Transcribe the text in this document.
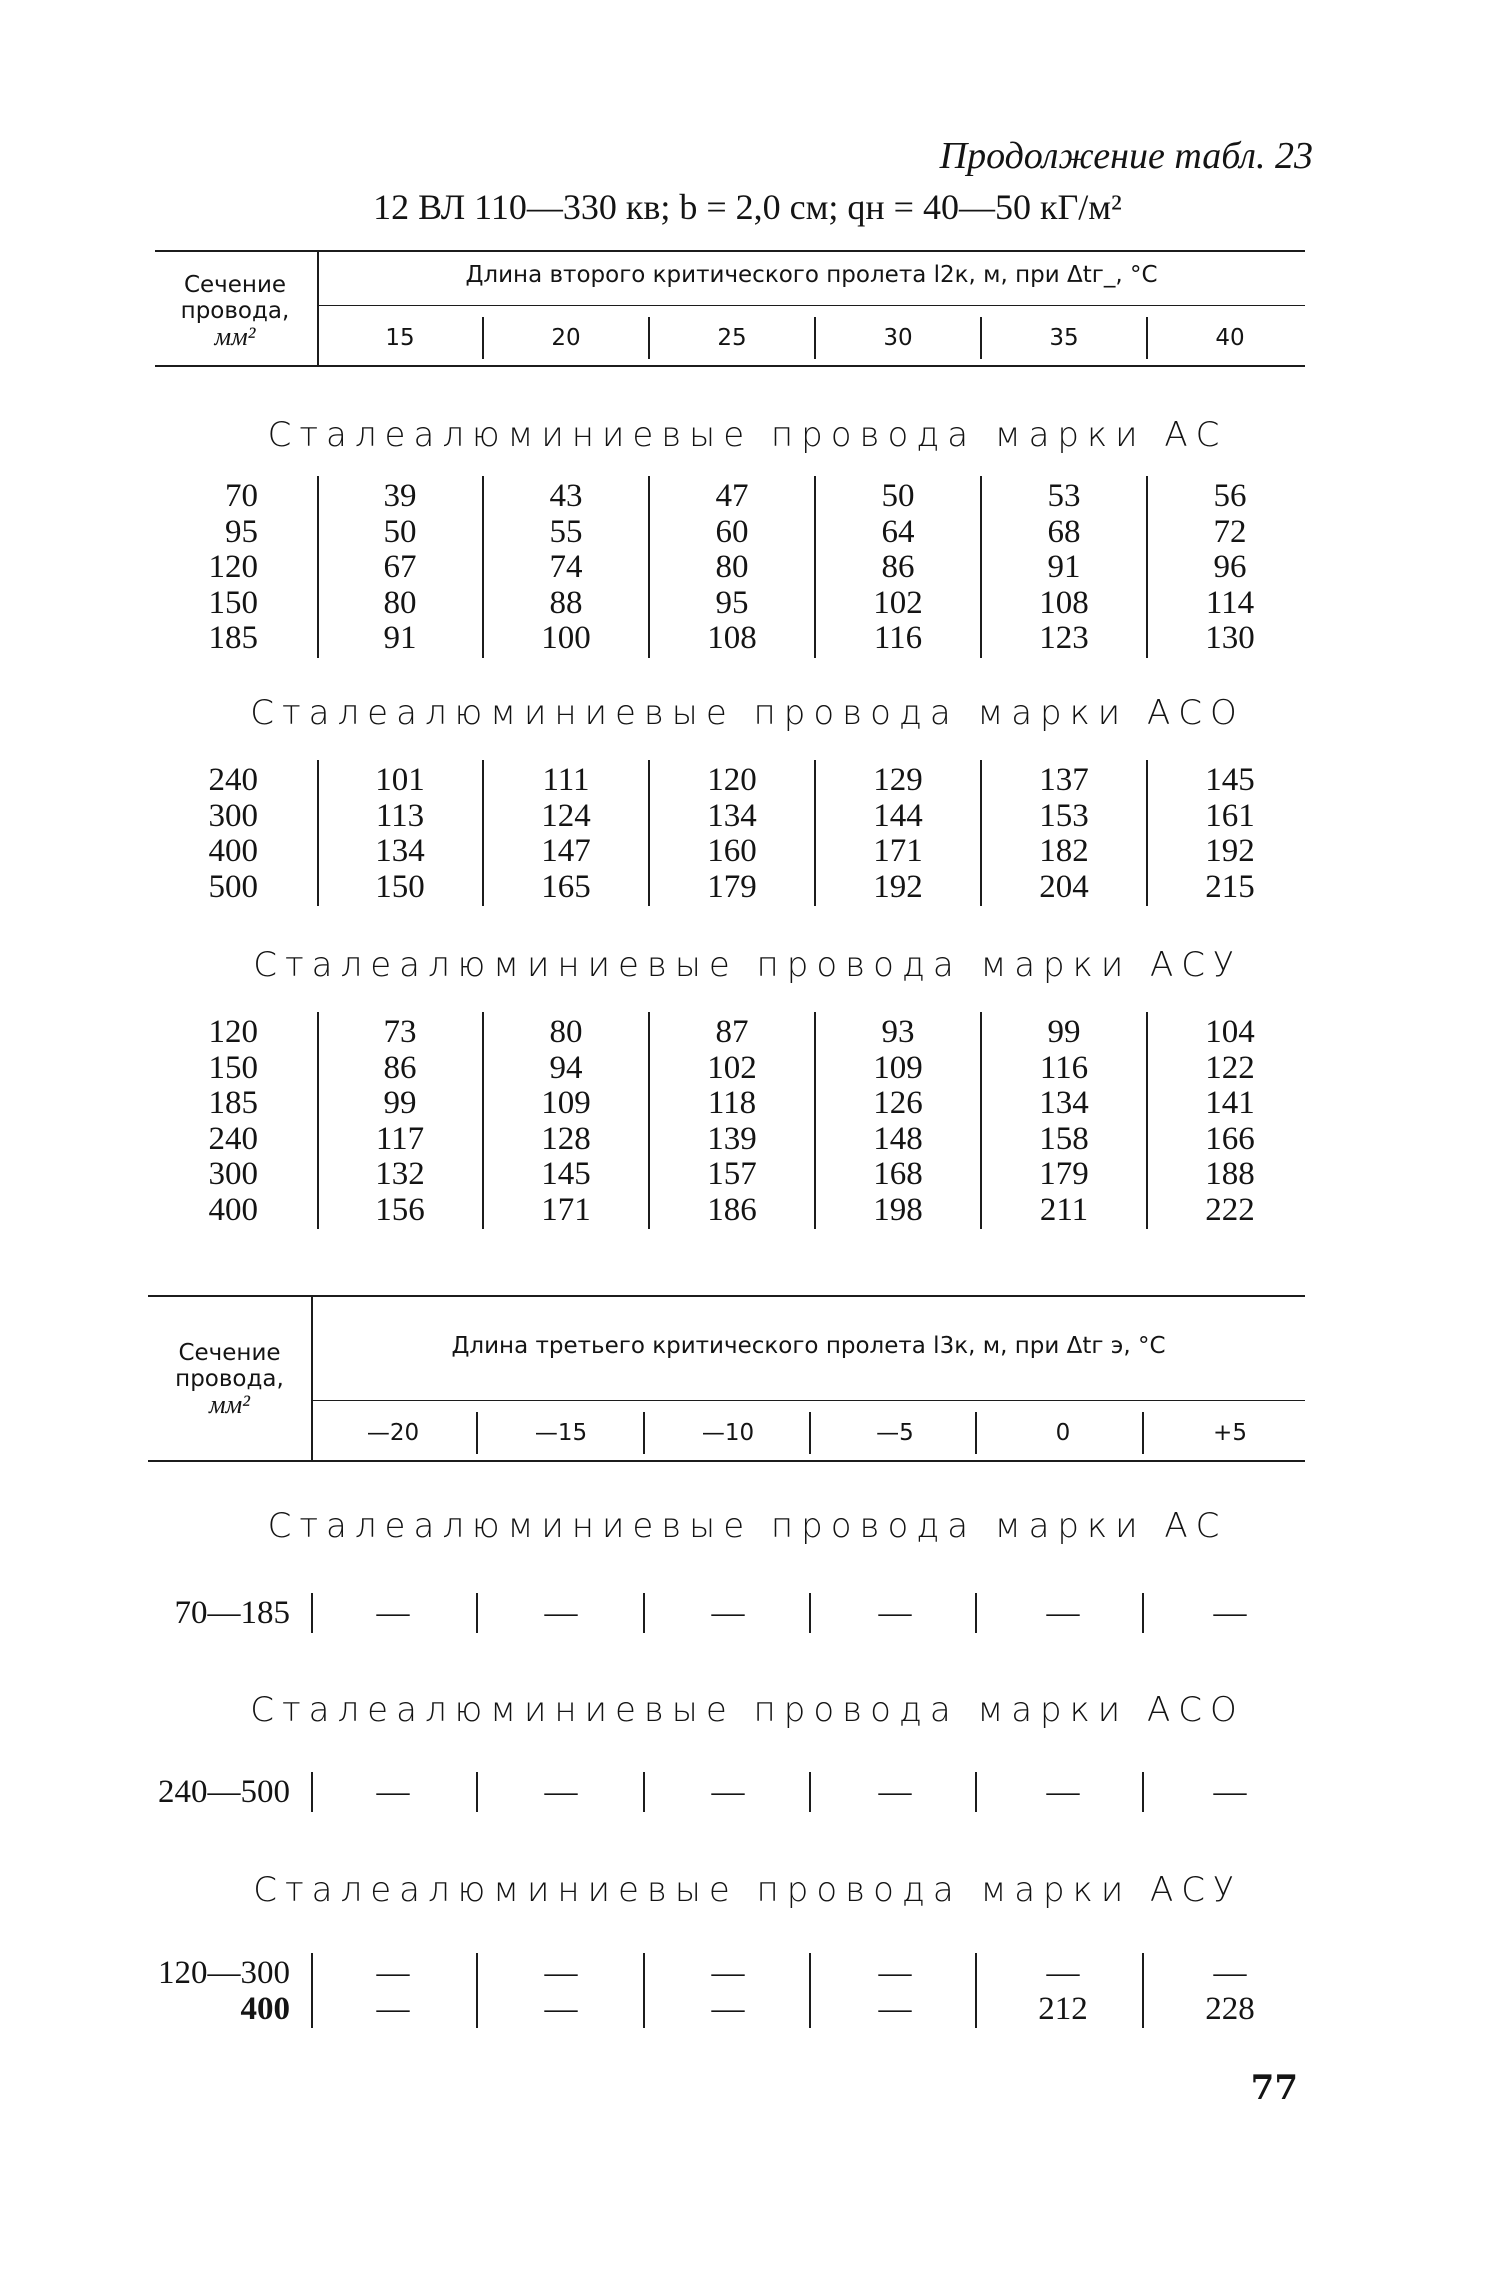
Продолжение табл. 23
12 ВЛ 110—330 кв; b = 2,0 см; qн = 40—50 кГ/м²
Сечение
провода,
мм²
Длина второго критического пролета l2к, м, при Δtг_, °С
15	20	25	30	35	40
Сталеалюминиевые провода марки АС
70	39	43	47	50	53	56
95	50	55	60	64	68	72
120	67	74	80	86	91	96
150	80	88	95	102	108	114
185	91	100	108	116	123	130
Сталеалюминиевые провода марки АСО
240	101	111	120	129	137	145
300	113	124	134	144	153	161
400	134	147	160	171	182	192
500	150	165	179	192	204	215
Сталеалюминиевые провода марки АСУ
120	73	80	87	93	99	104
150	86	94	102	109	116	122
185	99	109	118	126	134	141
240	117	128	139	148	158	166
300	132	145	157	168	179	188
400	156	171	186	198	211	222
Сечение
провода,
мм²
Длина третьего критического пролета l3к, м, при Δtг э, °С
—20	—15	—10	—5	0	+5
Сталеалюминиевые провода марки АС
70—185	—	—	—	—	—	—
Сталеалюминиевые провода марки АСО
240—500	—	—	—	—	—	—
Сталеалюминиевые провода марки АСУ
120—300	—	—	—	—	—	—
400	—	—	—	—	212	228
77
